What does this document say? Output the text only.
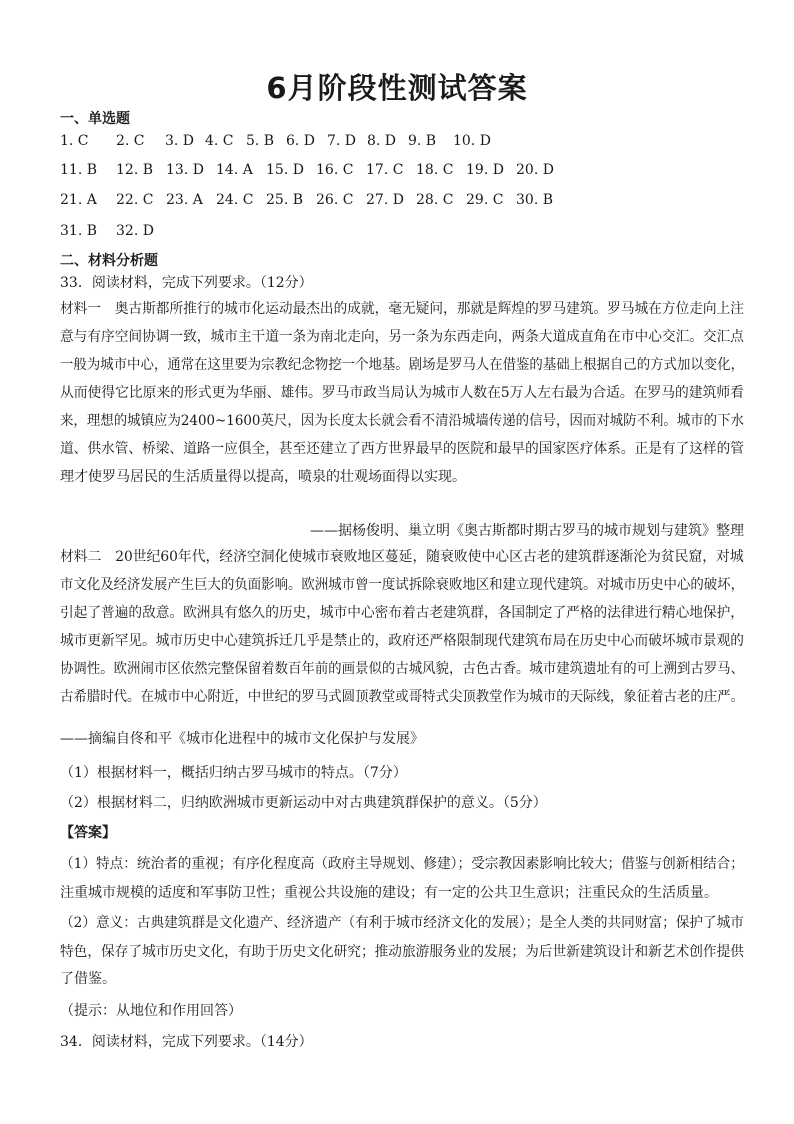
6月阶段性测试答案
一、单选题
1. C 2. C 3. D 4. C 5. B 6. D 7. D 8. D 9. B 10. D
11. B 12. B 13. D 14. A 15. D 16. C 17. C 18. C 19. D 20. D
21. A 22. C 23. A 24. C 25. B 26. C 27. D 28. C 29. C 30. B
31. B 32. D
二、材料分析题
33．阅读材料，完成下列要求。（12分）
材料一　奥古斯都所推行的城市化运动最杰出的成就，毫无疑问，那就是辉煌的罗马建筑。罗马城在方位走向上注
意与有序空间协调一致，城市主干道一条为南北走向，另一条为东西走向，两条大道成直角在市中心交汇。交汇点
一般为城市中心，通常在这里要为宗教纪念物挖一个地基。剧场是罗马人在借鉴的基础上根据自己的方式加以变化，
从而使得它比原来的形式更为华丽、雄伟。罗马市政当局认为城市人数在5万人左右最为合适。在罗马的建筑师看
来，理想的城镇应为2400~1600英尺，因为长度太长就会看不清沿城墙传递的信号，因而对城防不利。城市的下水
道、供水管、桥梁、道路一应俱全，甚至还建立了西方世界最早的医院和最早的国家医疗体系。正是有了这样的管
理才使罗马居民的生活质量得以提高，喷泉的壮观场面得以实现。
——据杨俊明、巢立明《奥古斯都时期古罗马的城市规划与建筑》整理
材料二　20世纪60年代，经济空洞化使城市衰败地区蔓延，随衰败使中心区古老的建筑群逐渐沦为贫民窟，对城
市文化及经济发展产生巨大的负面影响。欧洲城市曾一度试拆除衰败地区和建立现代建筑。对城市历史中心的破坏，
引起了普遍的敌意。欧洲具有悠久的历史，城市中心密布着古老建筑群，各国制定了严格的法律进行精心地保护，
城市更新罕见。城市历史中心建筑拆迁几乎是禁止的，政府还严格限制现代建筑布局在历史中心而破坏城市景观的
协调性。欧洲闹市区依然完整保留着数百年前的画景似的古城风貌，古色古香。城市建筑遗址有的可上溯到古罗马、
古希腊时代。在城市中心附近，中世纪的罗马式圆顶教堂或哥特式尖顶教堂作为城市的天际线，象征着古老的庄严。
——摘编自佟和平《城市化进程中的城市文化保护与发展》
（1）根据材料一，概括归纳古罗马城市的特点。（7分）
（2）根据材料二，归纳欧洲城市更新运动中对古典建筑群保护的意义。（5分）
【答案】
（1）特点：统治者的重视；有序化程度高（政府主导规划、修建）；受宗教因素影响比较大；借鉴与创新相结合；
注重城市规模的适度和军事防卫性；重视公共设施的建设；有一定的公共卫生意识；注重民众的生活质量。
（2）意义：古典建筑群是文化遗产、经济遗产（有利于城市经济文化的发展）；是全人类的共同财富；保护了城市
特色，保存了城市历史文化，有助于历史文化研究；推动旅游服务业的发展；为后世新建筑设计和新艺术创作提供
了借鉴。
（提示：从地位和作用回答）
34．阅读材料，完成下列要求。（14分）
